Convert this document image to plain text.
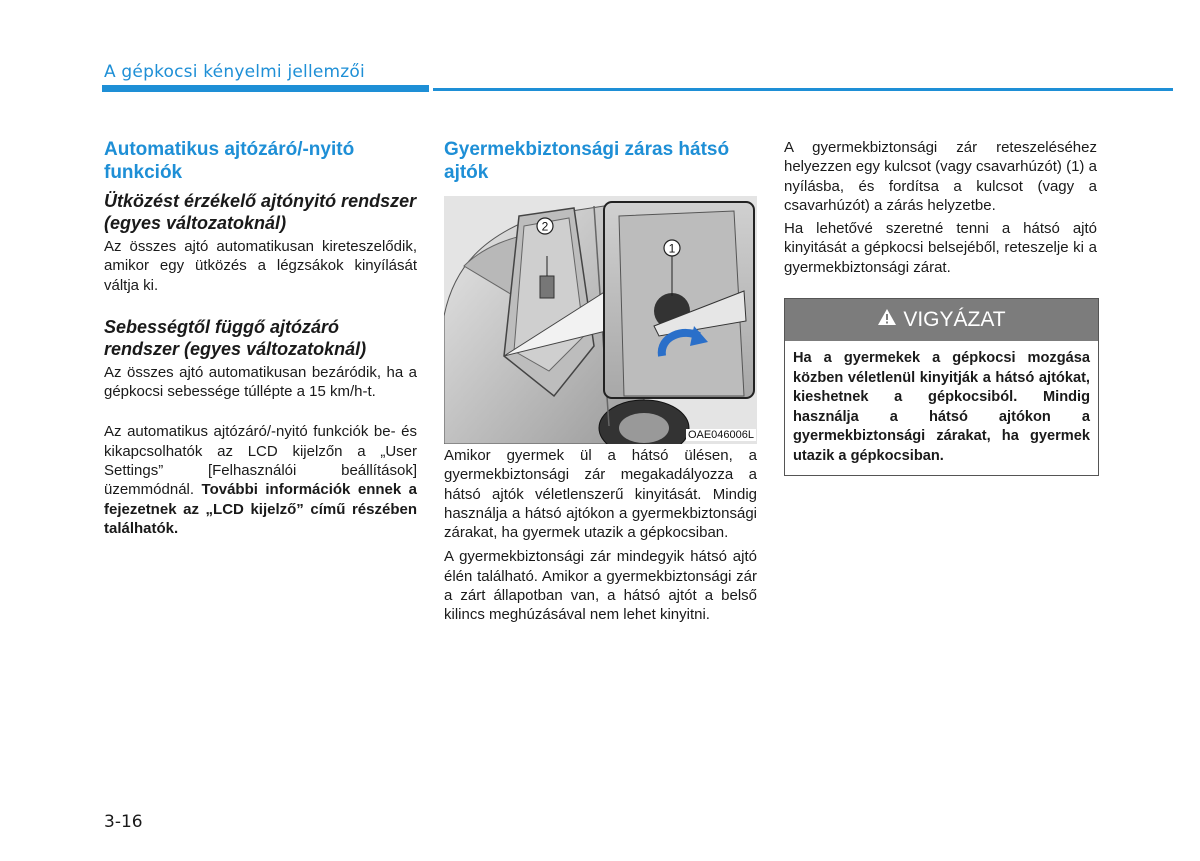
A gépkocsi kényelmi jellemzői
Automatikus ajtózáró/-nyitó funkciók
Ütközést érzékelő ajtónyitó rendszer (egyes változatoknál)

Az összes ajtó automatikusan kireteszelődik, amikor egy ütközés a légzsákok kinyílását váltja ki.

Sebességtől függő ajtózáró rendszer (egyes változatoknál)

Az összes ajtó automatikusan bezáródik, ha a gépkocsi sebessége túllépte a 15 km/h-t.

Az automatikus ajtózáró/-nyitó funkciók be- és kikapcsolhatók az LCD kijelzőn a „User Settings” [Felhasználói beállítások] üzemmódnál. További információk ennek a fejezetnek az „LCD kijelző” című részében találhatók.

Gyermekbiztonsági záras hátsó ajtók
2
1
OAE046006L

Amikor gyermek ül a hátsó ülésen, a gyermekbiztonsági zár megakadályozza a hátsó ajtók véletlenszerű kinyitását. Mindig használja a hátsó ajtókon a gyermekbiztonsági zárakat, ha gyermek utazik a gépkocsiban.

A gyermekbiztonsági zár mindegyik hátsó ajtó élén található. Amikor a gyermekbiztonsági zár a zárt állapotban van, a hátsó ajtót a belső kilincs meghúzásával nem lehet kinyitni.

A gyermekbiztonsági zár reteszeléséhez helyezzen egy kulcsot (vagy csavarhúzót) (1) a nyílásba, és fordítsa a kulcsot (vagy a csavarhúzót) a zárás helyzetbe.

Ha lehetővé szeretné tenni a hátsó ajtó kinyitását a gépkocsi belsejéből, reteszelje ki a gyermekbiztonsági zárat.

VIGYÁZAT
Ha a gyermekek a gépkocsi mozgása közben véletlenül kinyitják a hátsó ajtókat, kieshetnek a gépkocsiból. Mindig használja a hátsó ajtókon a gyermekbiztonsági zárakat, ha gyermek utazik a gépkocsiban.
3-16
